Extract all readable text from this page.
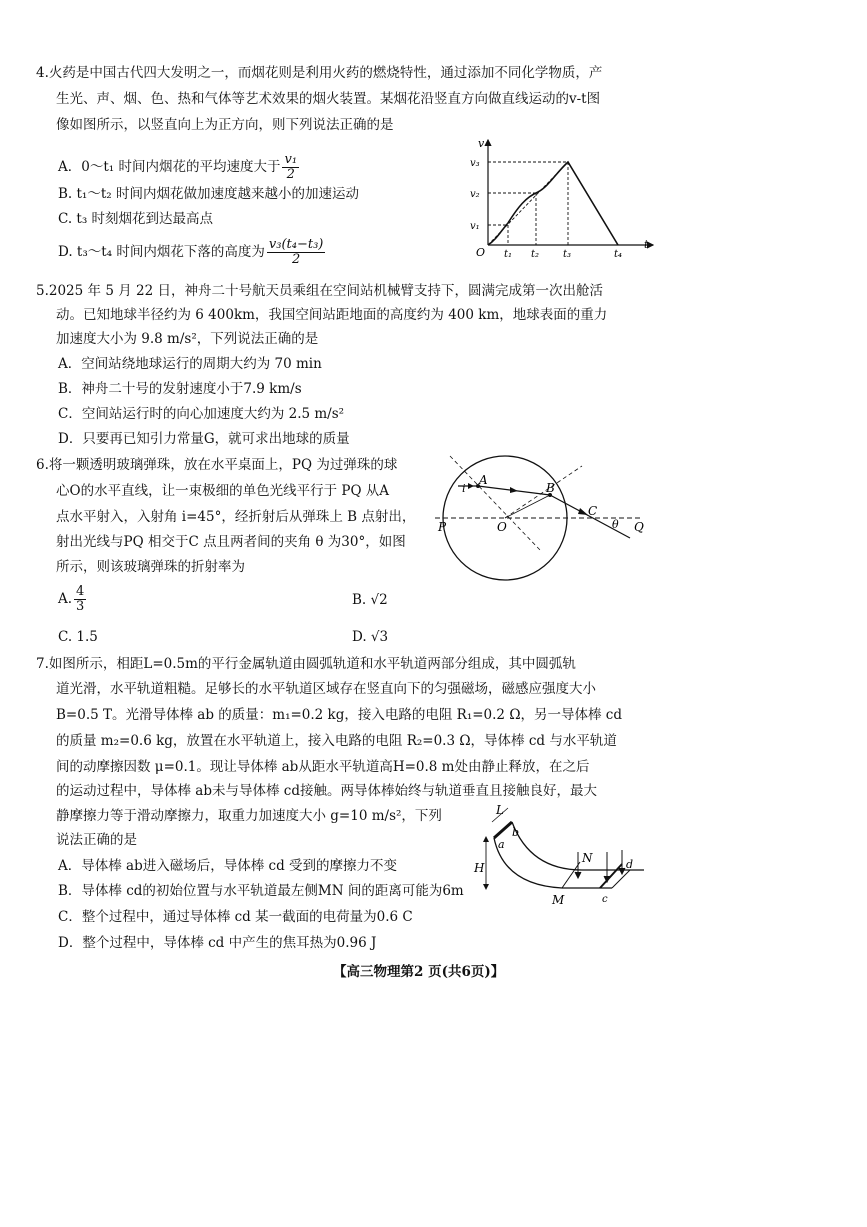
4.火药是中国古代四大发明之一，而烟花则是利用火药的燃烧特性，通过添加不同化学物质，产
生光、声、烟、色、热和气体等艺术效果的烟火装置。某烟花沿竖直方向做直线运动的v-t图
像如图所示，以竖直向上为正方向，则下列说法正确的是
A．0～t₁ 时间内烟花的平均速度大于 $\frac{\text{v₁}}{2}$
B. t₁～t₂ 时间内烟花做加速度越来越小的加速运动
C. t₃ 时刻烟花到达最高点
D. t₃～t₄ 时间内烟花下落的高度为 $\frac{\text{v₃(t₄−t₃)}}{2}$
v
v₃
v₂
v₁
O t₁ t₂ t₃	t₄
t
5.2025 年 5 月 22 日，神舟二十号航天员乘组在空间站机械臂支持下，圆满完成第一次出舱活
动。已知地球半径约为 6 400km，我国空间站距地面的高度约为 400 km，地球表面的重力
加速度大小为 9.8 m/s²，下列说法正确的是
A．空间站绕地球运行的周期大约为 70 min
B．神舟二十号的发射速度小于7.9 km/s
C．空间站运行时的向心加速度大约为 2.5 m/s²
D．只要再已知引力常量G，就可求出地球的质量
6.将一颗透明玻璃弹珠，放在水平桌面上，PQ 为过弹珠的球
心O的水平直线，让一束极细的单色光线平行于 PQ 从A
点水平射入，入射角 i=45°，经折射后从弹珠上 B 点射出，
射出光线与PQ 相交于C 点且两者间的夹角 θ 为30°，如图
所示，则该玻璃弹珠的折射率为
A. $\frac{4}{3}$	B. √2
C. 1.5	D. √3
i
A
B
C
O
P	Q
θ
7.如图所示，相距L=0.5m的平行金属轨道由圆弧轨道和水平轨道两部分组成，其中圆弧轨
道光滑，水平轨道粗糙。足够长的水平轨道区域存在竖直向下的匀强磁场，磁感应强度大小
B=0.5 T。光滑导体棒 ab 的质量：m₁=0.2 kg，接入电路的电阻 R₁=0.2 Ω，另一导体棒 cd
的质量 m₂=0.6 kg，放置在水平轨道上，接入电路的电阻 R₂=0.3 Ω，导体棒 cd 与水平轨道
间的动摩擦因数 μ=0.1。现让导体棒 ab从距水平轨道高H=0.8 m处由静止释放，在之后
的运动过程中，导体棒 ab未与导体棒 cd接触。两导体棒始终与轨道垂直且接触良好，最大
静摩擦力等于滑动摩擦力，取重力加速度大小 g=10 m/s²，下列
说法正确的是
A．导体棒 ab进入磁场后，导体棒 cd 受到的摩擦力不变
B．导体棒 cd的初始位置与水平轨道最左侧MN 间的距离可能为6m
C．整个过程中，通过导体棒 cd 某一截面的电荷量为0.6 C
D．整个过程中，导体棒 cd 中产生的焦耳热为0.96 J
L
a
b
H
N	d
M	c
【高三物理第2 页(共6页)】
